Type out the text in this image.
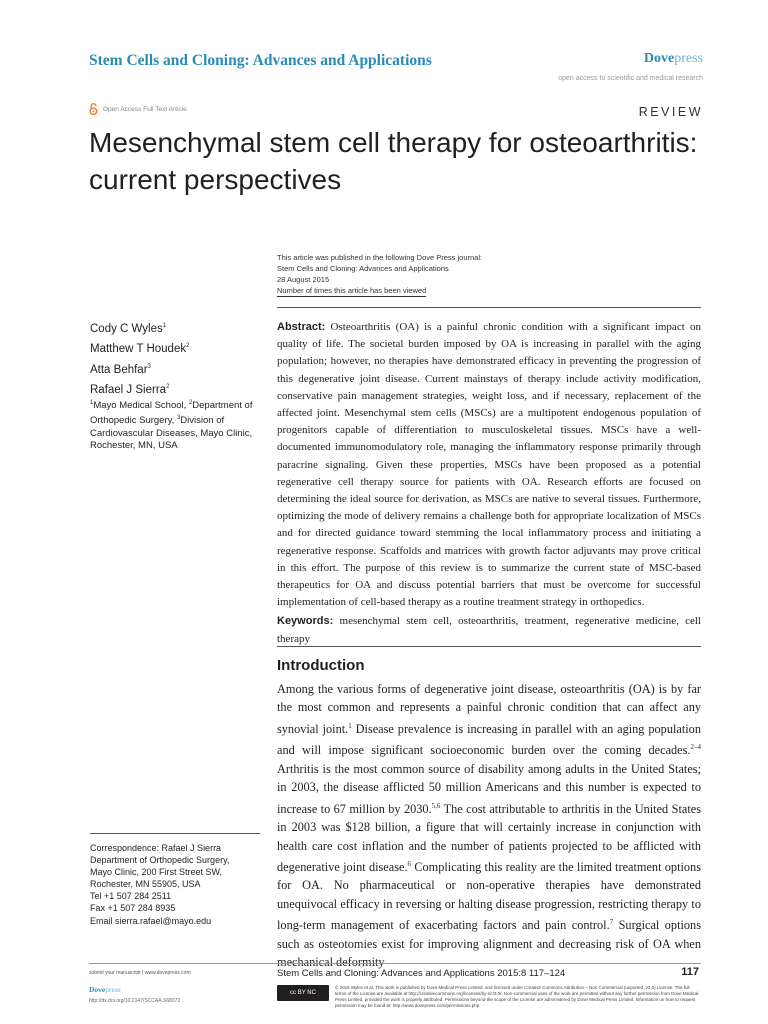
Stem Cells and Cloning: Advances and Applications	Dovepress
open access to scientific and medical research
Open Access Full Text Article	REVIEW
Mesenchymal stem cell therapy for osteoarthritis:
current perspectives
This article was published in the following Dove Press journal:
Stem Cells and Cloning: Advances and Applications
28 August 2015
Number of times this article has been viewed
Cody C Wyles$^1$
Matthew T Houdek$^2$
Atta Behfar$^3$
Rafael J Sierra$^2$
$^1$Mayo Medical School, $^2$Department of Orthopedic Surgery, $^3$Division of Cardiovascular Diseases, Mayo Clinic, Rochester, MN, USA
Abstract: Osteoarthritis (OA) is a painful chronic condition with a significant impact on quality of life. The societal burden imposed by OA is increasing in parallel with the aging population; however, no therapies have demonstrated efficacy in preventing the progression of this degenerative joint disease. Current mainstays of therapy include activity modification, conservative pain management strategies, weight loss, and if necessary, replacement of the affected joint. Mesenchymal stem cells (MSCs) are a multipotent endogenous population of progenitors capable of differentiation to musculoskeletal tissues. MSCs have a well-documented immunomodulatory role, managing the inflammatory response primarily through paracrine signaling. Given these properties, MSCs have been proposed as a potential regenerative cell therapy source for patients with OA. Research efforts are focused on determining the ideal source for derivation, as MSCs are native to several tissues. Furthermore, optimizing the mode of delivery remains a challenge both for appropriate localization of MSCs and for directed guidance toward stemming the local inflammatory process and initiating a regenerative response. Scaffolds and matrices with growth factor adjuvants may prove critical in this effort. The purpose of this review is to summarize the current state of MSC-based therapeutics for OA and discuss potential barriers that must be overcome for successful implementation of cell-based therapy as a routine treatment strategy in orthopedics.
Keywords: mesenchymal stem cell, osteoarthritis, treatment, regenerative medicine, cell therapy
Introduction
Among the various forms of degenerative joint disease, osteoarthritis (OA) is by far the most common and represents a painful chronic condition that can affect any synovial joint.$^1$ Disease prevalence is increasing in parallel with an aging population and will impose significant socioeconomic burden over the coming decades.$^{2-4}$ Arthritis is the most common source of disability among adults in the United States; in 2003, the disease afflicted 50 million Americans and this number is expected to increase to 67 million by 2030.$^{5,6}$ The cost attributable to arthritis in the United States in 2003 was $128 billion, a figure that will certainly increase in conjunction with health care cost inflation and the number of patients projected to be afflicted with degenerative joint disease.$^6$ Complicating this reality are the limited treatment options for OA. No pharmaceutical or non-operative therapies have demonstrated unequivocal efficacy in reversing or halting disease progression, restricting therapy to long-term management of exacerbating factors and pain control.$^7$ Surgical options such as osteotomies exist for improving alignment and decreasing risk of OA when mechanical deformity
Correspondence: Rafael J Sierra
Department of Orthopedic Surgery,
Mayo Clinic, 200 First Street SW,
Rochester, MN 55905, USA
Tel +1 507 284 2511
Fax +1 507 284 8935
Email sierra.rafael@mayo.edu
submit your manuscript | www.dovepress.com
Dovepress
http://dx.doi.org/10.2147/SCCAA.S68073
Stem Cells and Cloning: Advances and Applications 2015:8 117–124	117
cc BY NC
© 2015 Wyles et al. This work is published by Dove Medical Press Limited, and licensed under Creative Commons Attribution – Non Commercial (unported, v3.0) License. The full terms of the License are available at http://creativecommons.org/licenses/by-nc/3.0/. Non-commercial uses of the work are permitted without any further permission from Dove Medical Press Limited, provided the work is properly attributed. Permissions beyond the scope of the License are administered by Dove Medical Press Limited. Information on how to request permission may be found at: http://www.dovepress.com/permissions.php
